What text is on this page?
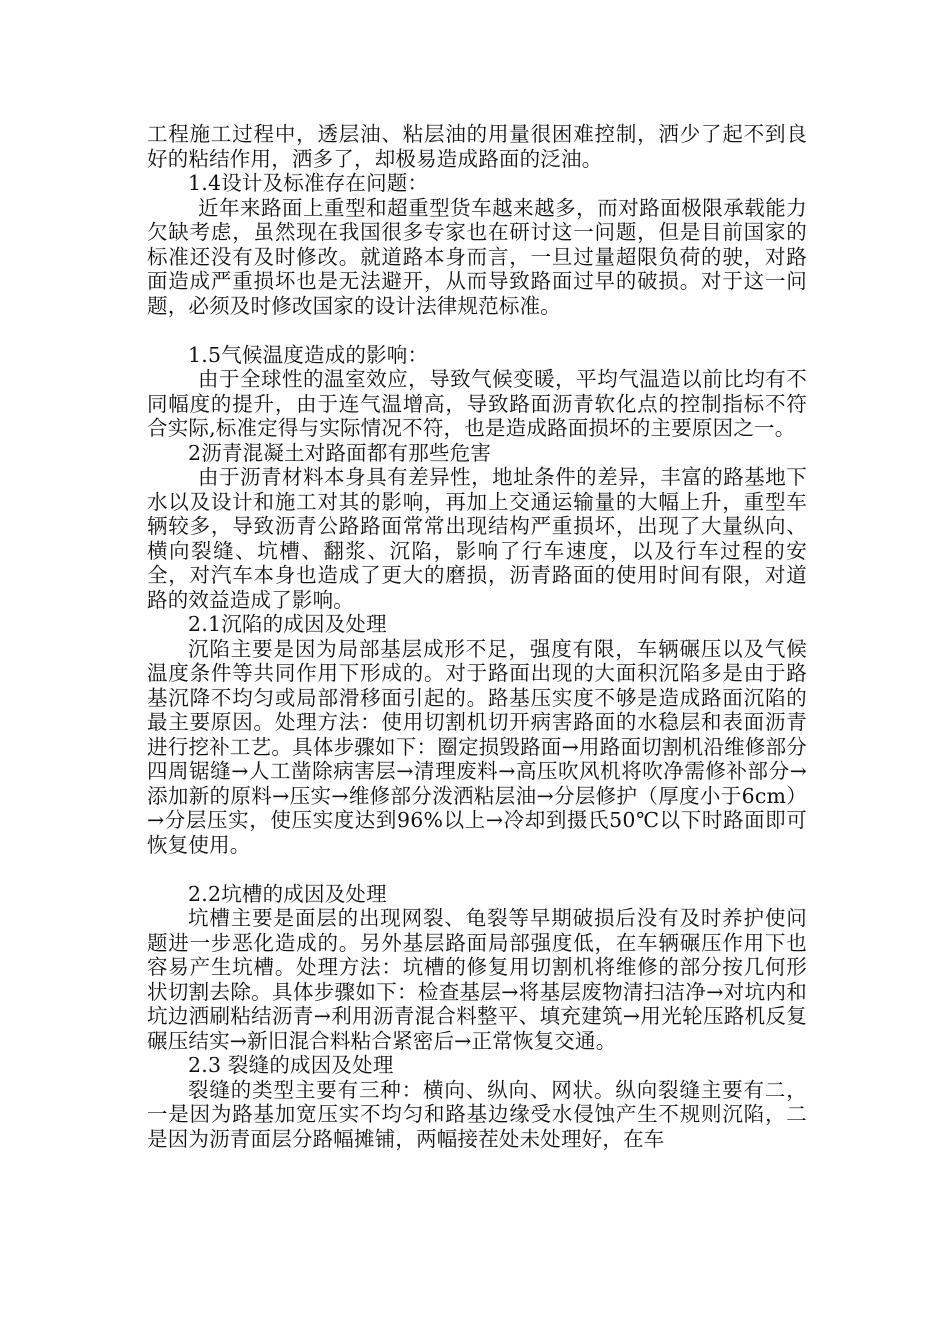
工程施工过程中，透层油、粘层油的用量很困难控制，洒少了起不到良好的粘结作用，洒多了，却极易造成路面的泛油。

1.4设计及标准存在问题：

近年来路面上重型和超重型货车越来越多，而对路面极限承载能力欠缺考虑，虽然现在我国很多专家也在研讨这一问题，但是目前国家的标准还没有及时修改。就道路本身而言，一旦过量超限负荷的驶，对路面造成严重损坏也是无法避开，从而导致路面过早的破损。对于这一问题，必须及时修改国家的设计法律规范标准。

1.5气候温度造成的影响：

由于全球性的温室效应，导致气候变暖，平均气温造以前比均有不同幅度的提升，由于连气温增高，导致路面沥青软化点的控制指标不符合实际,标准定得与实际情况不符，也是造成路面损坏的主要原因之一。

2沥青混凝土对路面都有那些危害

由于沥青材料本身具有差异性，地址条件的差异，丰富的路基地下水以及设计和施工对其的影响，再加上交通运输量的大幅上升，重型车辆较多，导致沥青公路路面常常出现结构严重损坏，出现了大量纵向、横向裂缝、坑槽、翻浆、沉陷，影响了行车速度，以及行车过程的安全，对汽车本身也造成了更大的磨损，沥青路面的使用时间有限，对道路的效益造成了影响。

2.1沉陷的成因及处理

沉陷主要是因为局部基层成形不足，强度有限，车辆碾压以及气候温度条件等共同作用下形成的。对于路面出现的大面积沉陷多是由于路基沉降不均匀或局部滑移面引起的。路基压实度不够是造成路面沉陷的最主要原因。处理方法：使用切割机切开病害路面的水稳层和表面沥青进行挖补工艺。具体步骤如下：圈定损毁路面→用路面切割机沿维修部分四周锯缝→人工凿除病害层→清理废料→高压吹风机将吹净需修补部分→添加新的原料→压实→维修部分泼洒粘层油→分层修护（厚度小于6cm）→分层压实，使压实度达到96%以上→冷却到摄氏50℃以下时路面即可恢复使用。

2.2坑槽的成因及处理

坑槽主要是面层的出现网裂、龟裂等早期破损后没有及时养护使问题进一步恶化造成的。另外基层路面局部强度低，在车辆碾压作用下也容易产生坑槽。处理方法：坑槽的修复用切割机将维修的部分按几何形状切割去除。具体步骤如下：检查基层→将基层废物清扫洁净→对坑内和坑边洒刷粘结沥青→利用沥青混合料整平、填充建筑→用光轮压路机反复碾压结实→新旧混合料粘合紧密后→正常恢复交通。

2.3 裂缝的成因及处理

裂缝的类型主要有三种：横向、纵向、网状。纵向裂缝主要有二，一是因为路基加宽压实不均匀和路基边缘受水侵蚀产生不规则沉陷，二是因为沥青面层分路幅摊铺，两幅接茬处未处理好，在车
